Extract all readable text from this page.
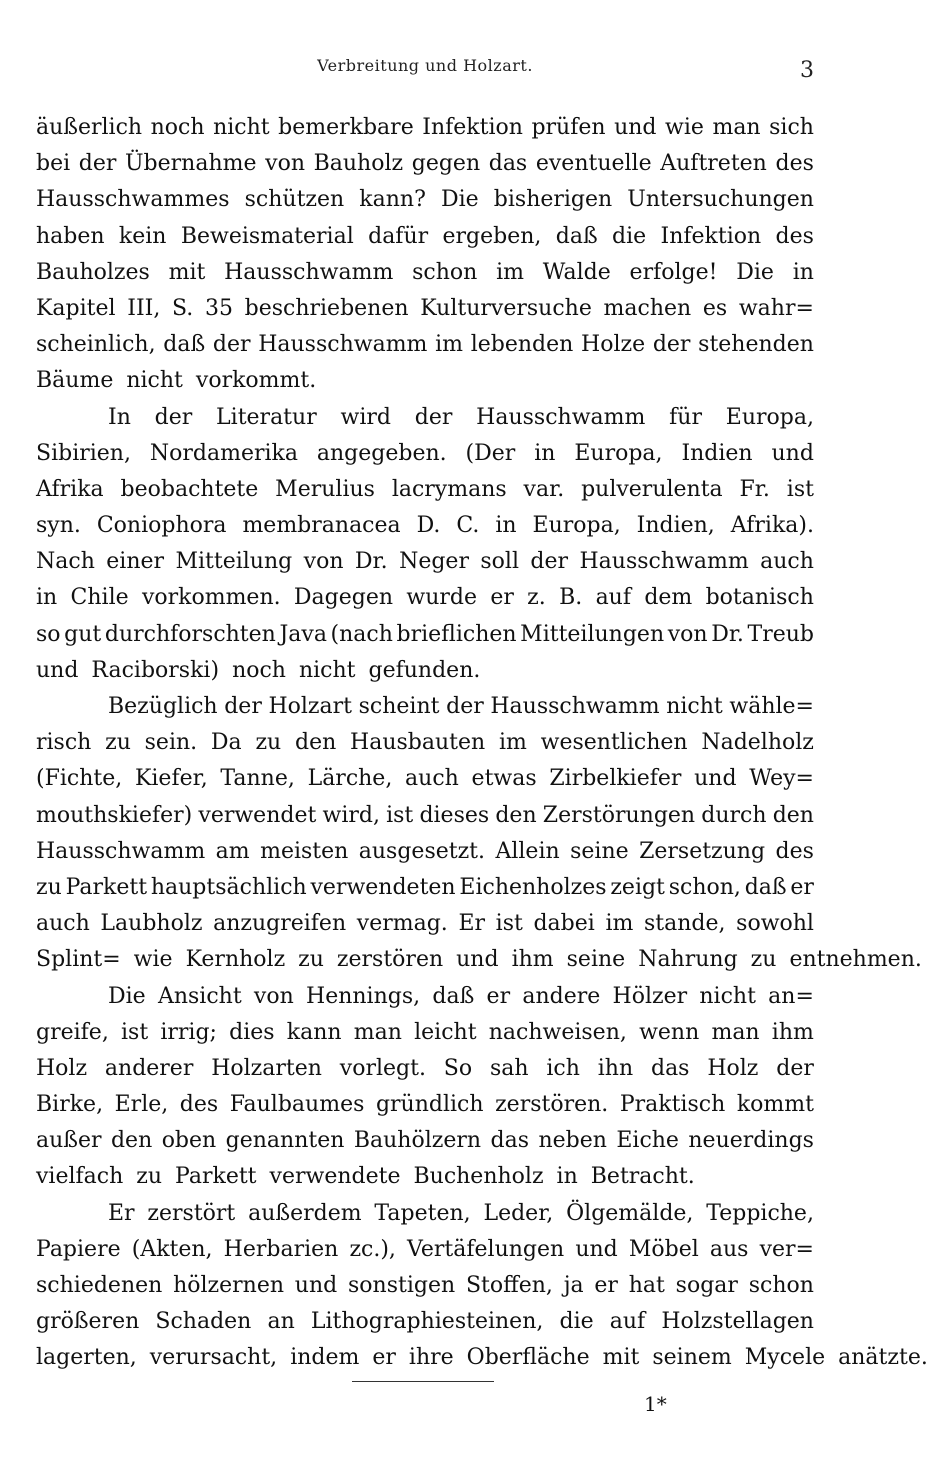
Verbreitung und Holzart.	3
äußerlich noch nicht bemerkbare Infektion prüfen und wie man sich
bei der Übernahme von Bauholz gegen das eventuelle Auftreten des
Hausschwammes schützen kann? Die bisherigen Untersuchungen
haben kein Beweismaterial dafür ergeben, daß die Infektion des
Bauholzes mit Hausschwamm schon im Walde erfolge! Die in
Kapitel III, S. 35 beschriebenen Kulturversuche machen es wahr=
scheinlich, daß der Hausschwamm im lebenden Holze der stehenden
Bäume nicht vorkommt.
In der Literatur wird der Hausschwamm für Europa,
Sibirien, Nordamerika angegeben. (Der in Europa, Indien und
Afrika beobachtete Merulius lacrymans var. pulverulenta Fr. ist
syn. Coniophora membranacea D. C. in Europa, Indien, Afrika).
Nach einer Mitteilung von Dr. Neger soll der Hausschwamm auch
in Chile vorkommen. Dagegen wurde er z. B. auf dem botanisch
so gut durchforschten Java (nach brieflichen Mitteilungen von Dr. Treub
und Raciborski) noch nicht gefunden.
Bezüglich der Holzart scheint der Hausschwamm nicht wähle=
risch zu sein. Da zu den Hausbauten im wesentlichen Nadelholz
(Fichte, Kiefer, Tanne, Lärche, auch etwas Zirbelkiefer und Wey=
mouthskiefer) verwendet wird, ist dieses den Zerstörungen durch den
Hausschwamm am meisten ausgesetzt. Allein seine Zersetzung des
zu Parkett hauptsächlich verwendeten Eichenholzes zeigt schon, daß er
auch Laubholz anzugreifen vermag. Er ist dabei im stande, sowohl
Splint= wie Kernholz zu zerstören und ihm seine Nahrung zu entnehmen.
Die Ansicht von Hennings, daß er andere Hölzer nicht an=
greife, ist irrig; dies kann man leicht nachweisen, wenn man ihm
Holz anderer Holzarten vorlegt. So sah ich ihn das Holz der
Birke, Erle, des Faulbaumes gründlich zerstören. Praktisch kommt
außer den oben genannten Bauhölzern das neben Eiche neuerdings
vielfach zu Parkett verwendete Buchenholz in Betracht.
Er zerstört außerdem Tapeten, Leder, Ölgemälde, Teppiche,
Papiere (Akten, Herbarien zc.), Vertäfelungen und Möbel aus ver=
schiedenen hölzernen und sonstigen Stoffen, ja er hat sogar schon
größeren Schaden an Lithographiesteinen, die auf Holzstellagen
lagerten, verursacht, indem er ihre Oberfläche mit seinem Mycele anätzte.
1*
